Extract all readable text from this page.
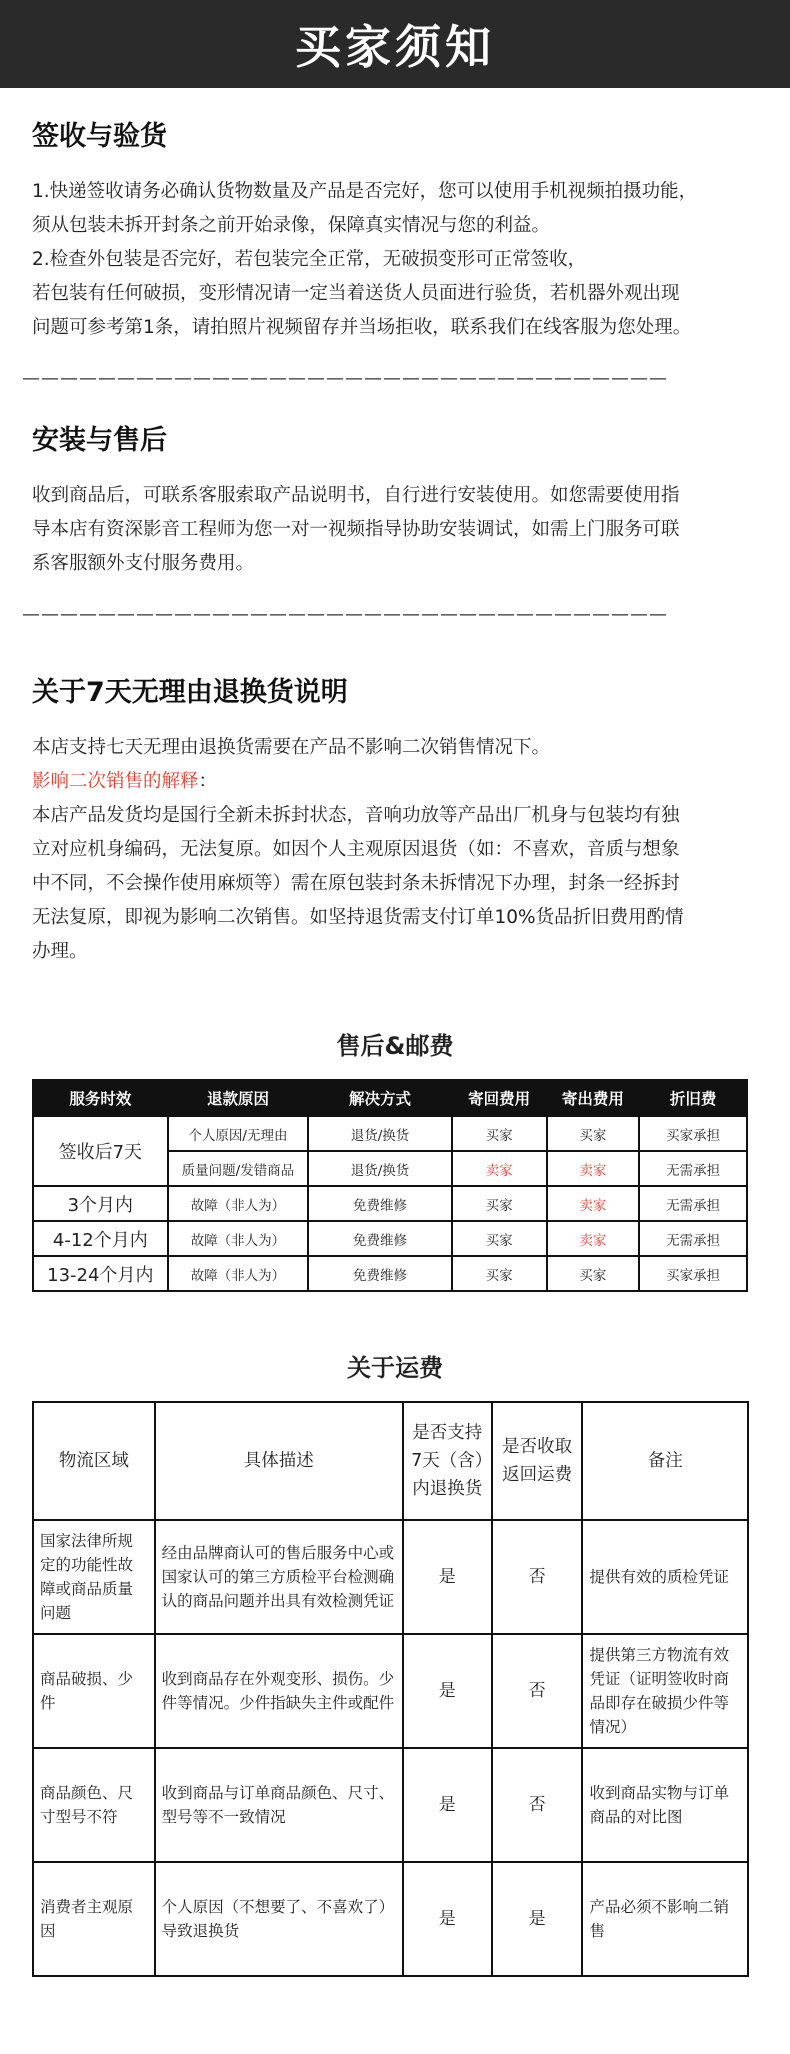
买家须知
签收与验货

1.快递签收请务必确认货物数量及产品是否完好，您可以使用手机视频拍摄功能，

须从包装未拆开封条之前开始录像，保障真实情况与您的利益。

2.检查外包装是否完好，若包装完全正常，无破损变形可正常签收，

若包装有任何破损，变形情况请一定当着送货人员面进行验货，若机器外观出现

问题可参考第1条，请拍照片视频留存并当场拒收，联系我们在线客服为您处理。

——————————————————————————————————

安装与售后

收到商品后，可联系客服索取产品说明书，自行进行安装使用。如您需要使用指

导本店有资深影音工程师为您一对一视频指导协助安装调试，如需上门服务可联

系客服额外支付服务费用。

——————————————————————————————————

关于7天无理由退换货说明

本店支持七天无理由退换货需要在产品不影响二次销售情况下。

影响二次销售的解释：

本店产品发货均是国行全新未拆封状态，音响功放等产品出厂机身与包装均有独

立对应机身编码，无法复原。如因个人主观原因退货（如：不喜欢，音质与想象

中不同，不会操作使用麻烦等）需在原包装封条未拆情况下办理，封条一经拆封

无法复原，即视为影响二次销售。如坚持退货需支付订单10%货品折旧费用酌情

办理。

售后&邮费
服务时效	退款原因	解决方式	寄回费用	寄出费用	折旧费
签收后7天	个人原因/无理由	退货/换货	买家	买家	买家承担
	质量问题/发错商品	退货/换货	卖家	卖家	无需承担
3个月内	故障（非人为）	免费维修	买家	卖家	无需承担
4-12个月内	故障（非人为）	免费维修	买家	卖家	无需承担
13-24个月内	故障（非人为）	免费维修	买家	买家	买家承担
关于运费
物流区域	具体描述	是否支持7天（含）内退换货	是否收取返回运费	备注
国家法律所规定的功能性故障或商品质量问题	经由品牌商认可的售后服务中心或国家认可的第三方质检平台检测确认的商品问题并出具有效检测凭证	是	否	提供有效的质检凭证
商品破损、少件	收到商品存在外观变形、损伤。少件等情况。少件指缺失主件或配件	是	否	提供第三方物流有效凭证（证明签收时商品即存在破损少件等情况）
商品颜色、尺寸型号不符	收到商品与订单商品颜色、尺寸、型号等不一致情况	是	否	收到商品实物与订单商品的对比图
消费者主观原因	个人原因（不想要了、不喜欢了）导致退换货	是	是	产品必须不影响二销售
